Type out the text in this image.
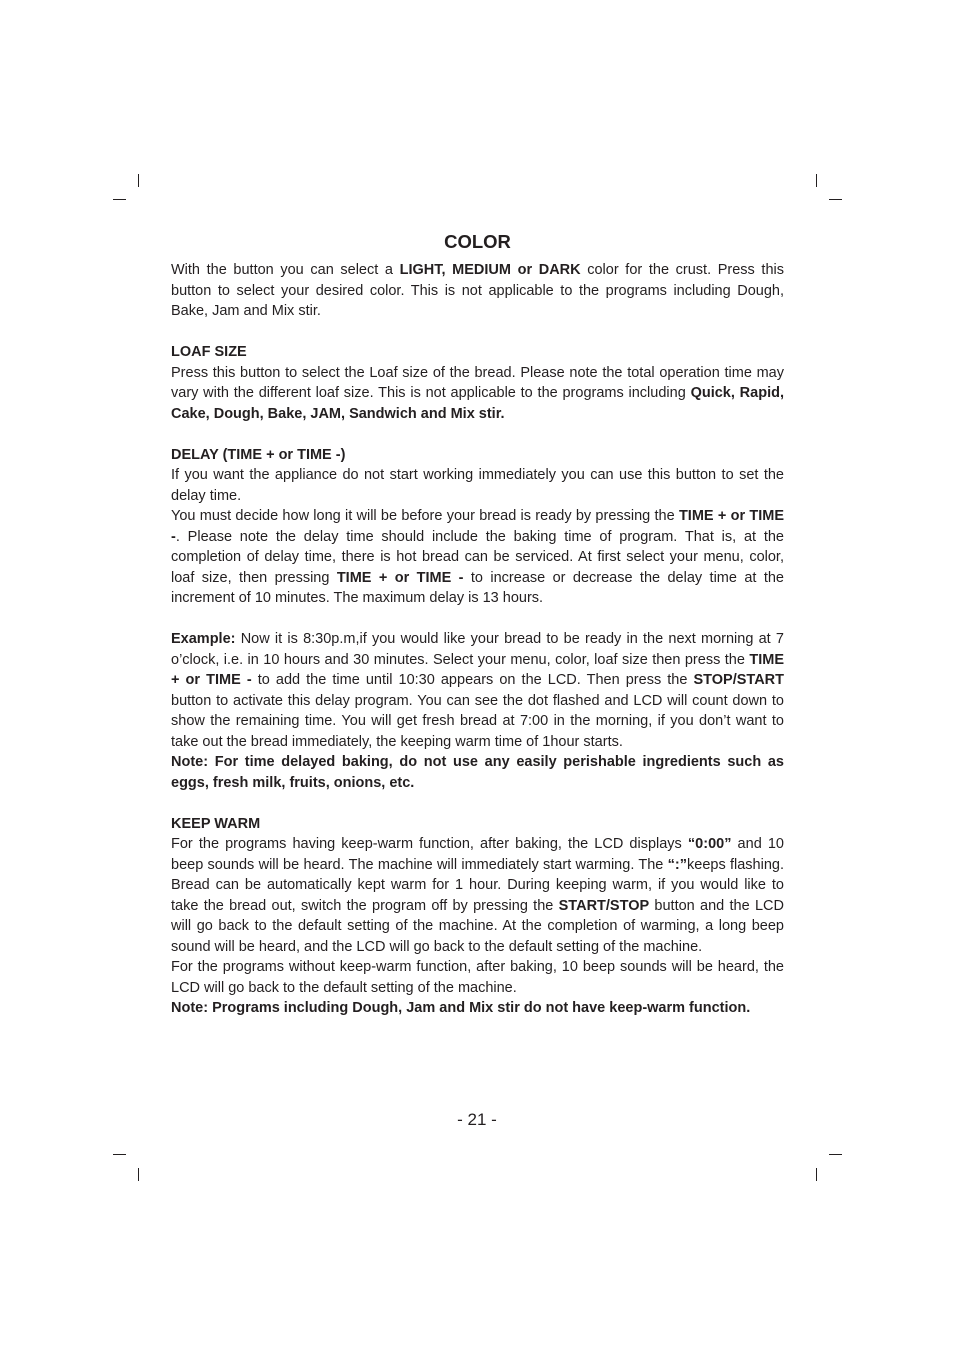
COLOR

With the button you can select a LIGHT, MEDIUM or DARK color for the crust. Press this button to select your desired color. This is not applicable to the programs including Dough, Bake, Jam and Mix stir.

LOAF SIZE

Press this button to select the Loaf size of the bread. Please note the total operation time may vary with the different loaf size. This is not applicable to the programs including Quick, Rapid, Cake, Dough, Bake, JAM, Sandwich and Mix stir.

DELAY (TIME + or TIME -)

If you want the appliance do not start working immediately you can use this button to set the delay time.

You must decide how long it will be before your bread is ready by pressing the TIME + or TIME -. Please note the delay time should include the baking time of program. That is, at the completion of delay time, there is hot bread can be serviced. At first select your menu, color, loaf size, then pressing TIME + or TIME - to increase or decrease the delay time at the increment of 10 minutes. The maximum delay is 13 hours.

Example: Now it is 8:30p.m,if you would like your bread to be ready in the next morning at 7 o’clock, i.e. in 10 hours and 30 minutes. Select your menu, color, loaf size then press the TIME + or TIME - to add the time until 10:30 appears on the LCD. Then press the STOP/START button to activate this delay program. You can see the dot flashed and LCD will count down to show the remaining time. You will get fresh bread at 7:00 in the morning, if you don’t want to take out the bread immediately, the keeping warm time of 1hour starts.

Note: For time delayed baking, do not use any easily perishable ingredients such as eggs, fresh milk, fruits, onions, etc.

KEEP WARM

For the programs having keep-warm function, after baking, the LCD displays “0:00” and 10 beep sounds will be heard. The machine will immediately start warming. The “:”keeps flashing. Bread can be automatically kept warm for 1 hour. During keeping warm, if you would like to take the bread out, switch the program off by pressing the START/STOP button and the LCD will go back to the default setting of the machine. At the completion of warming, a long beep sound will be heard, and the LCD will go back to the default setting of the machine.

For the programs without keep-warm function, after baking, 10 beep sounds will be heard, the LCD will go back to the default setting of the machine.

Note: Programs including Dough, Jam and Mix stir do not have keep-warm function.

- 21 -
